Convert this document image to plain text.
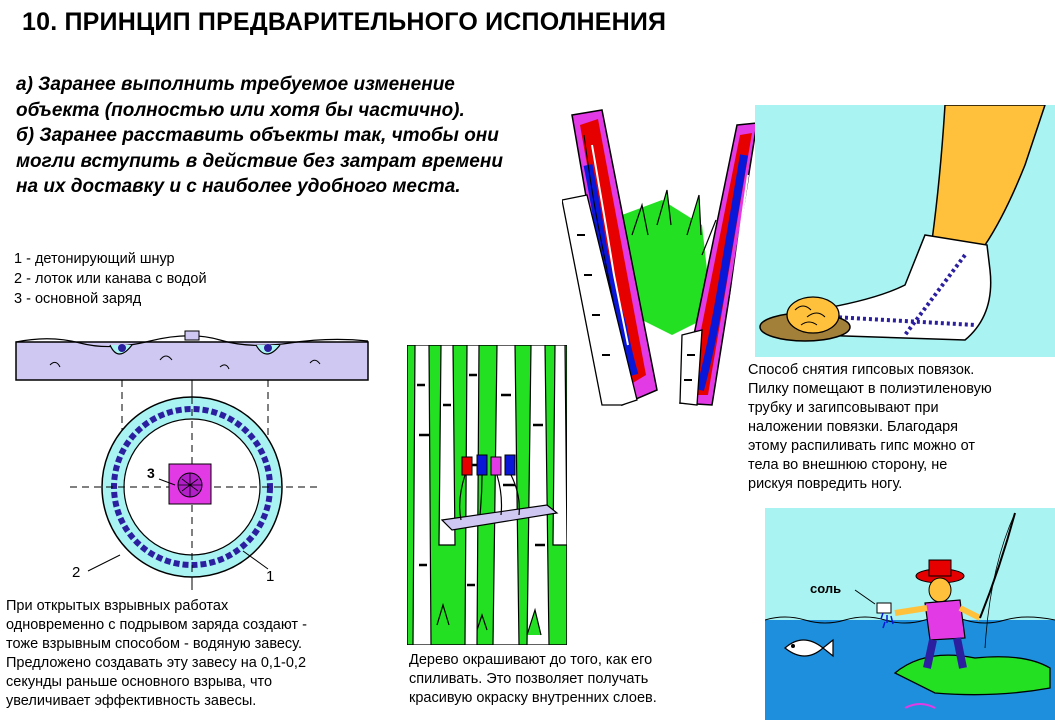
10. ПРИНЦИП ПРЕДВАРИТЕЛЬНОГО ИСПОЛНЕНИЯ
а) Заранее выполнить требуемое изменение
объекта (полностью или хотя бы частично).
б) Заранее расставить объекты так, чтобы они
могли вступить в действие без затрат времени
на их доставку и с наиболее удобного места.
1 - детонирующий шнур
2 - лоток или канава с водой
3 - основной заряд
3
2	1
При открытых взрывных работах
одновременно с подрывом заряда создают -
тоже взрывным способом - водяную завесу.
Предложено создавать эту завесу на 0,1-0,2
секунды раньше основного взрыва, что
увеличивает эффективность завесы.
Способ снятия гипсовых повязок.
Пилку помещают в полиэтиленовую
трубку и загипсовывают при
наложении повязки. Благодаря
этому распиливать гипс можно от
тела во внешнюю сторону, не
рискуя повредить ногу.
Дерево окрашивают до того, как его
спиливать. Это позволяет получать
красивую окраску внутренних слоев.
соль
